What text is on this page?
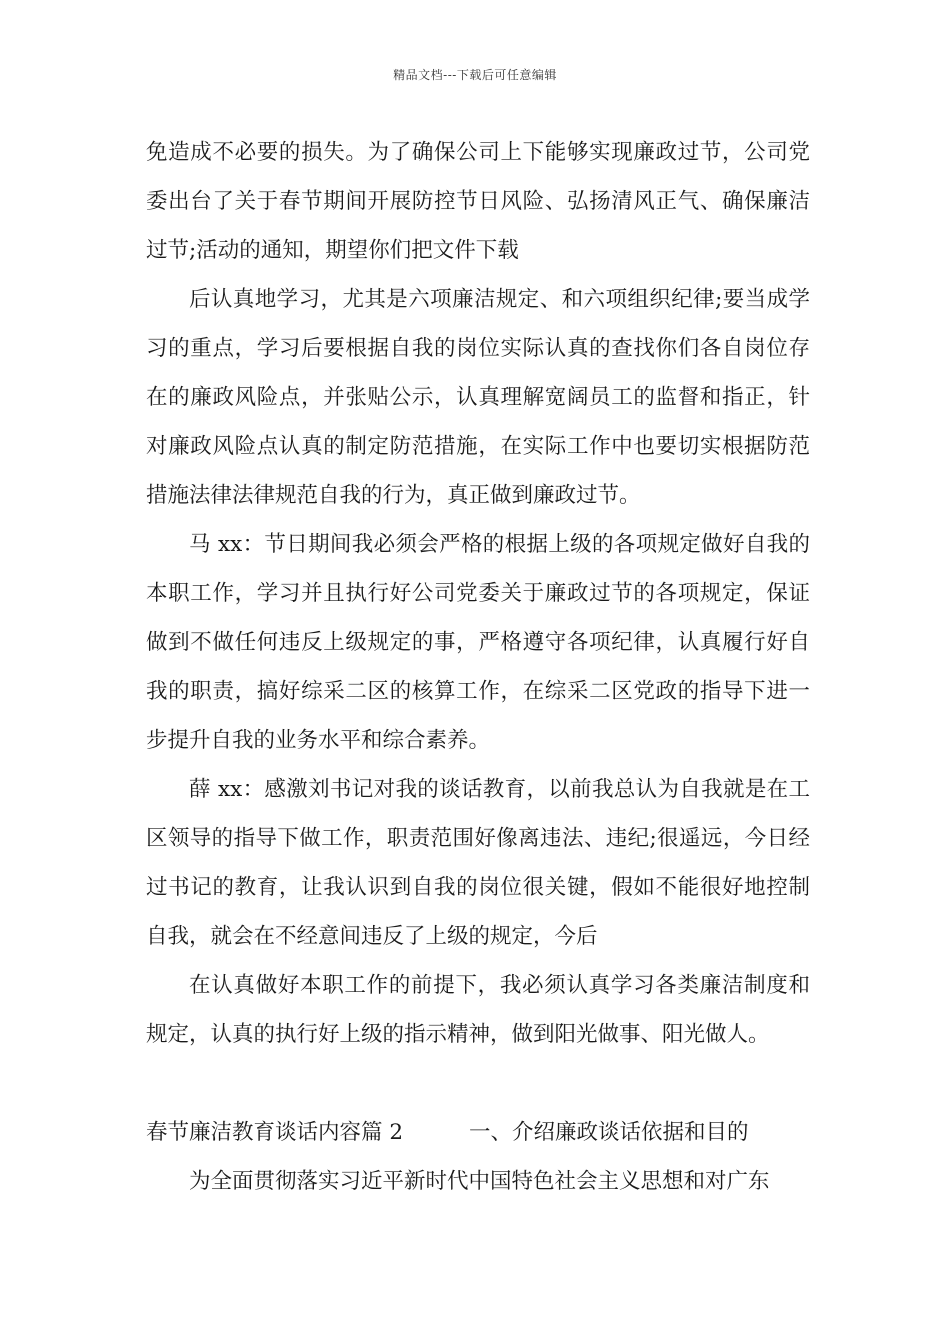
精品文档---下载后可任意编辑

免造成不必要的损失。为了确保公司上下能够实现廉政过节，公司党委出台了关于春节期间开展防控节日风险、弘扬清风正气、确保廉洁过节;活动的通知，期望你们把文件下载

后认真地学习，尤其是六项廉洁规定、和六项组织纪律;要当成学习的重点，学习后要根据自我的岗位实际认真的查找你们各自岗位存在的廉政风险点，并张贴公示，认真理解宽阔员工的监督和指正，针对廉政风险点认真的制定防范措施，在实际工作中也要切实根据防范措施法律法律规范自我的行为，真正做到廉政过节。

马 xx：节日期间我必须会严格的根据上级的各项规定做好自我的本职工作，学习并且执行好公司党委关于廉政过节的各项规定，保证做到不做任何违反上级规定的事，严格遵守各项纪律，认真履行好自我的职责，搞好综采二区的核算工作，在综采二区党政的指导下进一步提升自我的业务水平和综合素养。

薛 xx：感激刘书记对我的谈话教育，以前我总认为自我就是在工区领导的指导下做工作，职责范围好像离违法、违纪;很遥远，今日经过书记的教育，让我认识到自我的岗位很关键，假如不能很好地控制自我，就会在不经意间违反了上级的规定，今后

在认真做好本职工作的前提下，我必须认真学习各类廉洁制度和规定，认真的执行好上级的指示精神，做到阳光做事、阳光做人。

春节廉洁教育谈话内容篇 2	一、介绍廉政谈话依据和目的

为全面贯彻落实习近平新时代中国特色社会主义思想和对广东
